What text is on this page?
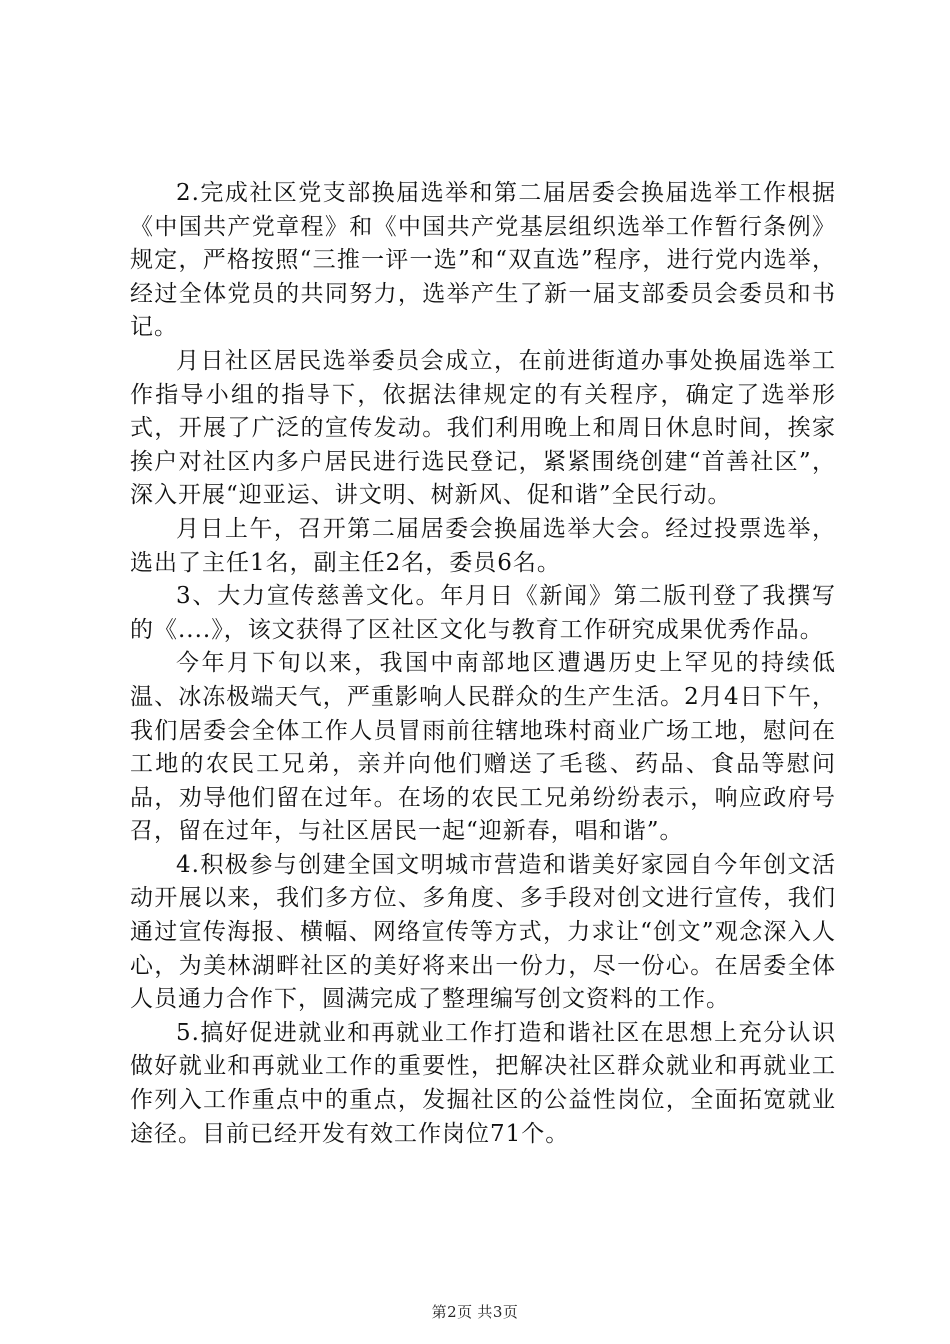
2.完成社区党支部换届选举和第二届居委会换届选举工作根据《中国共产党章程》和《中国共产党基层组织选举工作暂行条例》规定，严格按照“三推一评一选”和“双直选”程序，进行党内选举，经过全体党员的共同努力，选举产生了新一届支部委员会委员和书记。

月日社区居民选举委员会成立，在前进街道办事处换届选举工作指导小组的指导下，依据法律规定的有关程序，确定了选举形式，开展了广泛的宣传发动。我们利用晚上和周日休息时间，挨家挨户对社区内多户居民进行选民登记，紧紧围绕创建“首善社区”，深入开展“迎亚运、讲文明、树新风、促和谐”全民行动。

月日上午，召开第二届居委会换届选举大会。经过投票选举，选出了主任1名，副主任2名，委员6名。

3、大力宣传慈善文化。年月日《新闻》第二版刊登了我撰写的《....》，该文获得了区社区文化与教育工作研究成果优秀作品。

今年月下旬以来，我国中南部地区遭遇历史上罕见的持续低温、冰冻极端天气，严重影响人民群众的生产生活。2月4日下午，我们居委会全体工作人员冒雨前往辖地珠村商业广场工地，慰问在工地的农民工兄弟，亲并向他们赠送了毛毯、药品、食品等慰问品，劝导他们留在过年。在场的农民工兄弟纷纷表示，响应政府号召，留在过年，与社区居民一起“迎新春，唱和谐”。

4.积极参与创建全国文明城市营造和谐美好家园自今年创文活动开展以来，我们多方位、多角度、多手段对创文进行宣传，我们通过宣传海报、横幅、网络宣传等方式，力求让“创文”观念深入人心，为美林湖畔社区的美好将来出一份力，尽一份心。在居委全体人员通力合作下，圆满完成了整理编写创文资料的工作。

5.搞好促进就业和再就业工作打造和谐社区在思想上充分认识做好就业和再就业工作的重要性，把解决社区群众就业和再就业工作列入工作重点中的重点，发掘社区的公益性岗位，全面拓宽就业途径。目前已经开发有效工作岗位71个。

第2页 共3页
